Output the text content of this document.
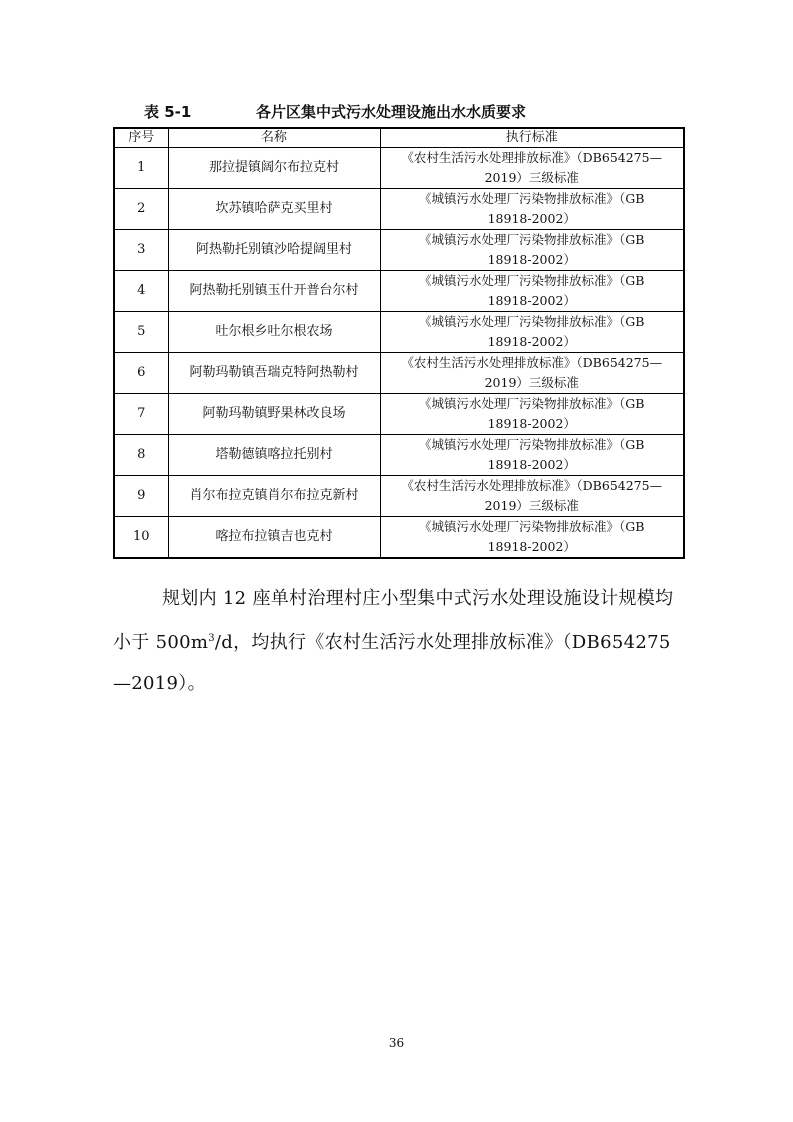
表 5-1	各片区集中式污水处理设施出水水质要求
序号	名称	执行标准
1	那拉提镇阔尔布拉克村	《农村生活污水处理排放标准》（DB654275—
2019）三级标准
2	坎苏镇哈萨克买里村	《城镇污水处理厂污染物排放标准》（GB
18918-2002）
3	阿热勒托别镇沙哈提阔里村	《城镇污水处理厂污染物排放标准》（GB
18918-2002）
4	阿热勒托别镇玉什开普台尔村	《城镇污水处理厂污染物排放标准》（GB
18918-2002）
5	吐尔根乡吐尔根农场	《城镇污水处理厂污染物排放标准》（GB
18918-2002）
6	阿勒玛勒镇吾瑞克特阿热勒村	《农村生活污水处理排放标准》（DB654275—
2019）三级标准
7	阿勒玛勒镇野果林改良场	《城镇污水处理厂污染物排放标准》（GB
18918-2002）
8	塔勒德镇喀拉托别村	《城镇污水处理厂污染物排放标准》（GB
18918-2002）
9	肖尔布拉克镇肖尔布拉克新村	《农村生活污水处理排放标准》（DB654275—
2019）三级标准
10	喀拉布拉镇吉也克村	《城镇污水处理厂污染物排放标准》（GB
18918-2002）
规划内 12 座单村治理村庄小型集中式污水处理设施设计规模均
小于 $500m^3/d$，均执行《农村生活污水处理排放标准》（DB654275
—2019）。
36
